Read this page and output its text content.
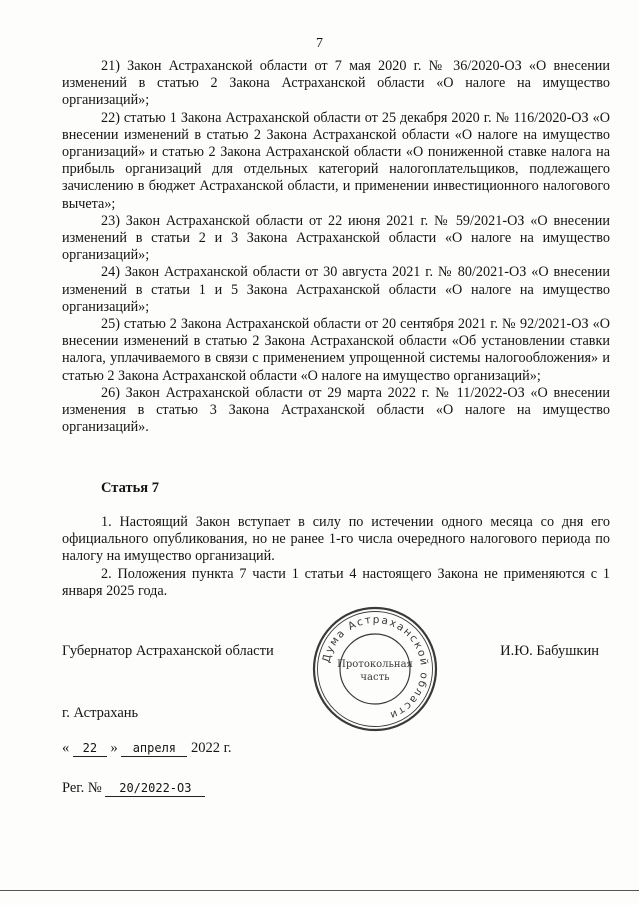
7

21) Закон Астраханской области от 7 мая 2020 г. № 36/2020-ОЗ «О внесении изменений в статью 2 Закона Астраханской области «О налоге на имущество организаций»;

22) статью 1 Закона Астраханской области от 25 декабря 2020 г. № 116/2020-ОЗ «О внесении изменений в статью 2 Закона Астраханской области «О налоге на имущество организаций» и статью 2 Закона Астраханской области «О пониженной ставке налога на прибыль организаций для отдельных категорий налогоплательщиков, подлежащего зачислению в бюджет Астраханской области, и применении инвестиционного налогового вычета»;

23) Закон Астраханской области от 22 июня 2021 г. № 59/2021-ОЗ «О внесении изменений в статьи 2 и 3 Закона Астраханской области «О налоге на имущество организаций»;

24) Закон Астраханской области от 30 августа 2021 г. № 80/2021-ОЗ «О внесении изменений в статьи 1 и 5 Закона Астраханской области «О налоге на имущество организаций»;

25) статью 2 Закона Астраханской области от 20 сентября 2021 г. № 92/2021-ОЗ «О внесении изменений в статью 2 Закона Астраханской области «Об установлении ставки налога, уплачиваемого в связи с применением упрощенной системы налогообложения» и статью 2 Закона Астраханской области «О налоге на имущество организаций»;

26) Закон Астраханской области от 29 марта 2022 г. № 11/2022-ОЗ «О внесении изменения в статью 3 Закона Астраханской области «О налоге на имущество организаций».

Статья 7

1. Настоящий Закон вступает в силу по истечении одного месяца со дня его официального опубликования, но не ранее 1-го числа очередного налогового периода по налогу на имущество организаций.

2. Положения пункта 7 части 1 статьи 4 настоящего Закона не применяются с 1 января 2025 года.

Губернатор Астраханской области	И.Ю. Бабушкин
Дума Астраханской области
Протокольная
часть
г. Астрахань
« 22 » апреля 2022 г.
Рег. № 20/2022-ОЗ
